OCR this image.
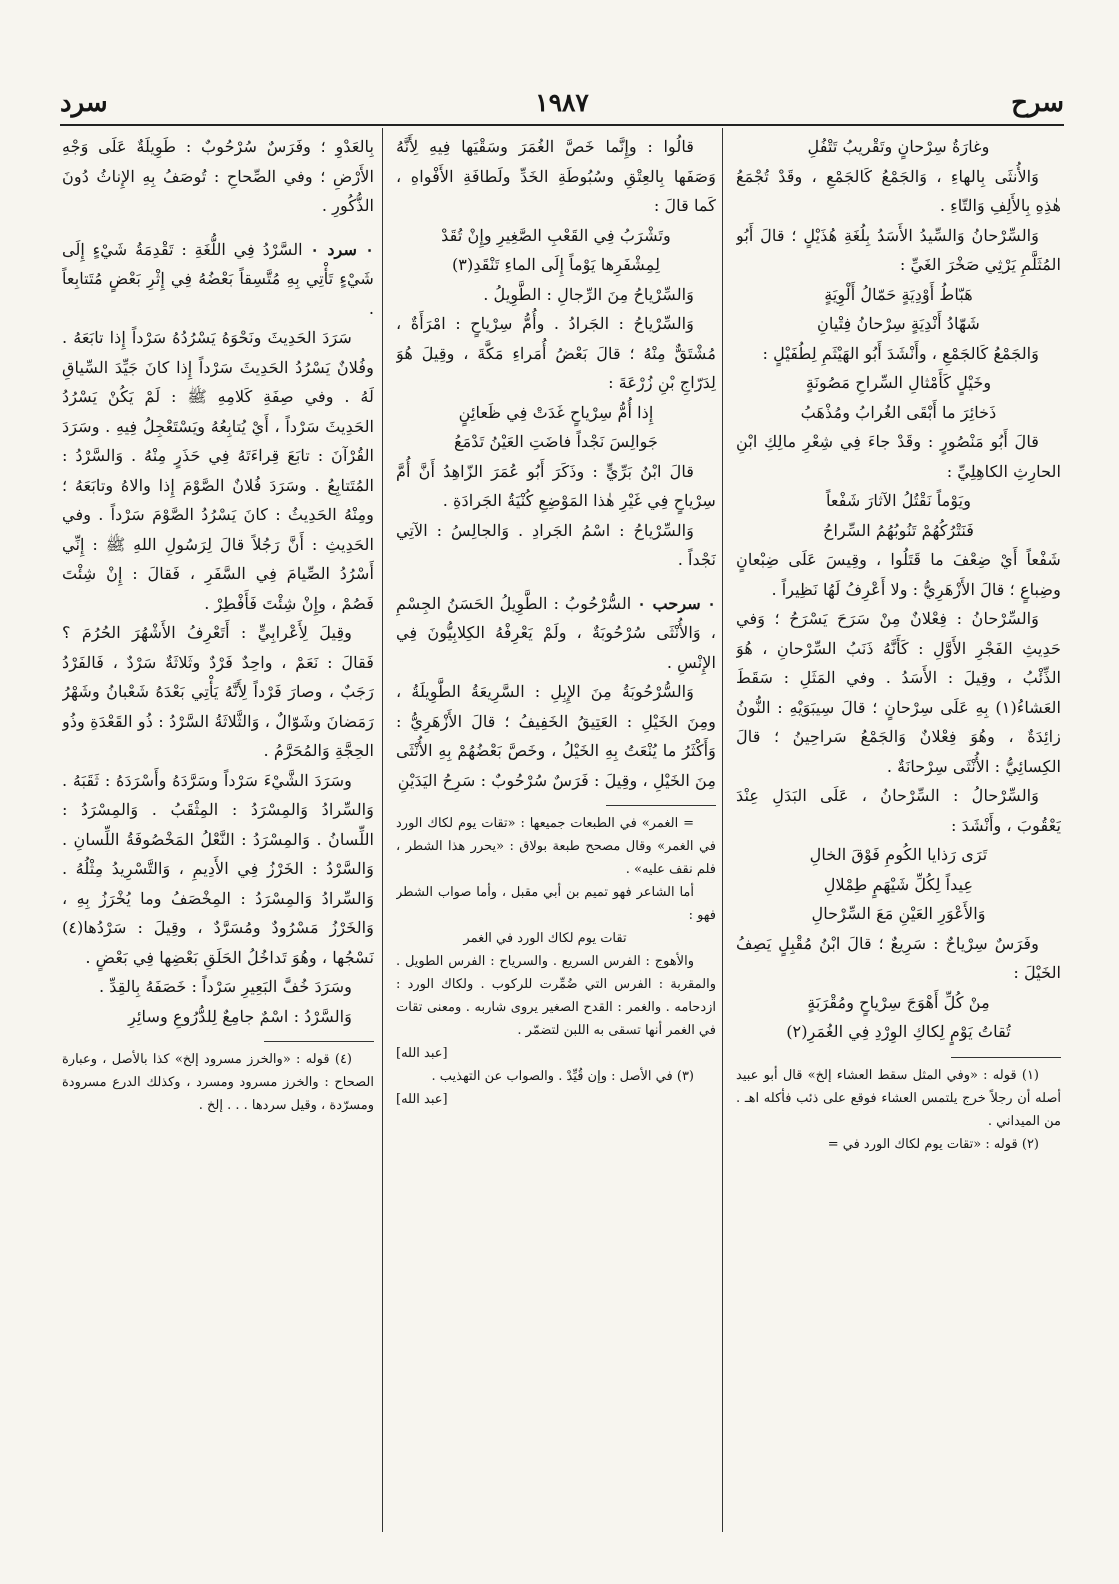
سرح
١٩٨٧
سرد

وغارَةُ سِرْحانٍ وتَقْريبُ تَتْفُلِ

وَالأُنثَى بِالهاءِ ، وَالجَمْعُ كَالجَمْعِ ، وقَدْ تُجْمَعُ هٰذِهِ بِالأَلِفِ وَالتّاءِ .

وَالسِّرْحانُ وَالسِّيدُ الأَسَدُ بِلُغَةِ هُذَيْلٍ ؛ قالَ أَبُو المُثَلَّمِ يَرْثِي صَخْرَ الغَيِّ :

هَبّاطُ أَوْدِيَةٍ حَمّالُ أَلْوِيَةٍ

شَهّادُ أَنْدِيَةٍ سِرْحانُ فِتْيانِ

وَالجَمْعُ كَالجَمْعِ ، وأَنْشَدَ أَبُو الهَيْثَمِ لِطُفَيْلٍ :

وخَيْلٍ كَأَمْثالِ السِّراحِ مَصُونَةٍ

ذَخائِرَ ما أَبْقَى الغُرابُ ومُذْهَبُ

قالَ أَبُو مَنْصُورٍ : وقَدْ جاءَ فِي شِعْرِ مالِكِ ابْنِ الحارِثِ الكاهِلِيِّ :

ويَوْماً نَقْتُلُ الآثارَ شَفْعاً

فَنَتْرُكُهُمْ تَنُوبُهُمُ السِّراحُ

شَفْعاً أَيْ ضِعْفَ ما قَتَلُوا ، وقِيسَ عَلَى ضِبْعانٍ وضِباعٍ ؛ قالَ الأَزْهَرِيُّ : ولا أَعْرِفُ لَهُا نَظِيراً .

وَالسِّرْحانُ : فِعْلانٌ مِنْ سَرَحَ يَسْرَحُ ؛ وَفي حَدِيثِ الفَجْرِ الأَوَّلِ : كَأَنَّهُ ذَنَبُ السِّرْحانِ ، هُوَ الذِّئْبُ ، وقِيلَ : الأَسَدُ . وفي المَثَلِ : سَقَطَ العَشاءُ(١) بِهِ عَلَى سِرْحانٍ ؛ قالَ سِيبَوَيْهِ : النُّونُ زائِدَةٌ ، وهُوَ فِعْلانٌ وَالجَمْعُ سَراحِينُ ؛ قالَ الكِسائِيُّ : الأُنْثَى سِرْحانَةٌ .

وَالسِّرْحالُ : السِّرْحانُ ، عَلَى البَدَلِ عِنْدَ يَعْقُوبَ ، وأَنْشَدَ :

تَرَى رَذايا الكُومِ فَوْقَ الخالِ

عِيداً لِكُلِّ شَيْهَمٍ طِمْلالِ

وَالأَعْوَرِ العَيْنِ مَعَ السِّرْحالِ

وفَرَسٌ سِرْياحٌ : سَرِيعٌ ؛ قالَ ابْنُ مُقْبِلٍ يَصِفُ الخَيْلَ :

مِنْ كُلِّ أَهْوَجَ سِرْياحٍ ومُقْرَبَةٍ

تُقاتُ يَوْمٍ لِكاكِ الوِرْدِ فِي الغُمَرِ(٢)

(١) قوله : «وفي المثل سقط العشاء إلخ» قال أبو عبيد أصله أن رجلاً خرج يلتمس العشاء فوقع على ذئب فأكله اهـ . من الميداني .

(٢) قوله : «تقات يوم لكاك الورد في =

قالُوا : وإِنَّما خَصَّ الغُمَرَ وسَقْيَها فِيهِ لِأَنَّهُ وَصَفَها بِالعِتْقِ وسُبُوطَةِ الخَدِّ ولَطافَةِ الأَفْواهِ ، كَما قالَ :

وتَشْرَبُ فِي القَعْبِ الصَّغِيرِ وإِنْ تُقَدْ

لِمِشْفَرِها يَوْماً إِلَى الماءِ تَنْقَدِ(٣)

وَالسِّرْياحُ مِنَ الرِّجالِ : الطَّوِيلُ .

وَالسِّرْياحُ : الجَرادُ . وأُمُّ سِرْياحٍ : امْرَأَةٌ ، مُشْتَقٌّ مِنْهُ ؛ قالَ بَعْضُ أُمَراءِ مَكَّةَ ، وقِيلَ هُوَ لِدَرّاجِ بْنِ زُرْعَةَ :

إِذا أُمُّ سِرْياحٍ غَدَتْ فِي ظَعائِنٍ

جَوالِسَ نَجْداً فاضَتِ العَيْنُ تَدْمَعُ

قالَ ابْنُ بَرِّيٍّ : وذَكَرَ أَبُو عُمَرَ الزّاهِدُ أَنَّ أُمَّ سِرْياحٍ فِي غَيْرِ هٰذا المَوْضِعِ كُنْيَةُ الجَرادَةِ .

وَالسِّرْياحُ : اسْمُ الجَرادِ . وَالجالِسُ : الآتِي نَجْداً .

٠ سرحب ٠ السُّرْحُوبُ : الطَّوِيلُ الحَسَنُ الجِسْمِ ، وَالأُنْثَى سُرْحُوبَةٌ ، ولَمْ يَعْرِفْهُ الكِلابِيُّونَ فِي الإِنْسِ .

وَالسُّرْحُوبَةُ مِنَ الإِبِلِ : السَّرِيعَةُ الطَّوِيلَةُ ، ومِنَ الخَيْلِ : العَتِيقُ الخَفِيفُ ؛ قالَ الأَزْهَرِيُّ : وَأَكْثَرُ ما يُنْعَتُ بِهِ الخَيْلُ ، وخَصَّ بَعْضُهُمْ بِهِ الأُنْثَى مِنَ الخَيْلِ ، وقِيلَ : فَرَسٌ سُرْحُوبٌ : سَرِحُ اليَدَيْنِ

= الغمر» في الطبعات جميعها : «تقات يوم لكاك الورد في الغمر» وقال مصحح طبعة بولاق : «يحرر هذا الشطر ، فلم نقف عليه» .

أما الشاعر فهو تميم بن أبي مقبل ، وأما صواب الشطر فهو :

تقات يوم لكاك الورد في الغمر

والأهوج : الفرس السريع . والسرياح : الفرس الطويل . والمقربة : الفرس التي ضُمِّرت للركوب . ولكاك الورد : ازدحامه . والغمر : القدح الصغير يروى شاربه . ومعنى تقات في الغمر أنها تسقى به اللبن لتضمّر .

[عبد الله]

(٣) في الأصل : وإن قُيِّدْ . والصواب عن التهذيب .

[عبد الله]

بِالعَدْوِ ؛ وفَرَسٌ سُرْحُوبٌ : طَوِيلَةٌ عَلَى وَجْهِ الأَرْضِ ؛ وفي الصِّحاحِ : تُوصَفُ بِهِ الإِناثُ دُونَ الذُّكُورِ .

٠ سرد ٠ السَّرْدُ فِي اللُّغَةِ : تَقْدِمَةُ شَيْءٍ إِلَى شَيْءٍ تَأْتِي بِهِ مُتَّسِقاً بَعْضُهُ فِي إِثْرِ بَعْضٍ مُتَتابِعاً .

سَرَدَ الحَدِيثَ ونَحْوَهُ يَسْرُدُهُ سَرْداً إِذا تابَعَهُ . وفُلانٌ يَسْرُدُ الحَدِيثَ سَرْداً إِذا كانَ جَيِّدَ السِّياقِ لَهُ . وفي صِفَةِ كَلامِهِ ﷺ : لَمْ يَكُنْ يَسْرُدُ الحَدِيثَ سَرْداً ، أَيْ يُتابِعُهُ ويَسْتَعْجِلُ فِيهِ . وسَرَدَ القُرْآنَ : تابَعَ قِراءَتَهُ فِي حَذَرٍ مِنْهُ . وَالسَّرْدُ : المُتَتابِعُ . وسَرَدَ فُلانٌ الصَّوْمَ إِذا والاهُ وتابَعَهُ ؛ ومِنْهُ الحَدِيثُ : كانَ يَسْرُدُ الصَّوْمَ سَرْداً . وفي الحَدِيثِ : أَنَّ رَجُلاً قالَ لِرَسُولِ اللهِ ﷺ : إِنِّي أَسْرُدُ الصِّيامَ فِي السَّفَرِ ، فَقالَ : إِنْ شِئْتَ فَصُمْ ، وإِنْ شِئْتَ فَأَفْطِرْ .

وقِيلَ لِأَعْرابِيٍّ : أَتَعْرِفُ الأَشْهُرَ الحُرُمَ ؟ فَقالَ : نَعَمْ ، واحِدٌ فَرْدٌ وثَلاثَةٌ سَرْدٌ ، فَالفَرْدُ رَجَبٌ ، وصارَ فَرْداً لِأَنَّهُ يَأْتِي بَعْدَهُ شَعْبانُ وشَهْرُ رَمَضانَ وشَوّالٌ ، وَالثَّلاثَةُ السَّرْدُ : ذُو القَعْدَةِ وذُو الحِجَّةِ وَالمُحَرَّمُ .

وسَرَدَ الشَّيْءَ سَرْداً وسَرَّدَهُ وأَسْرَدَهُ : ثَقَبَهُ . وَالسِّرادُ وَالمِسْرَدُ : المِثْقَبُ . وَالمِسْرَدُ : اللِّسانُ . وَالمِسْرَدُ : النَّعْلُ المَخْصُوفَةُ اللِّسانِ . وَالسَّرْدُ : الخَرْزُ فِي الأَدِيمِ ، وَالتَّسْرِيدُ مِثْلُهُ . وَالسِّرادُ وَالمِسْرَدُ : المِخْصَفُ وما يُخْرَزُ بِهِ ، وَالخَرْزُ مَسْرُودٌ ومُسَرَّدٌ ، وقِيلَ : سَرْدُها(٤) نَسْجُها ، وهُوَ تَداخُلُ الحَلَقِ بَعْضِها فِي بَعْضٍ .

وسَرَدَ خُفَّ البَعِيرِ سَرْداً : خَصَفَهُ بِالقِدِّ .

وَالسَّرْدُ : اسْمٌ جامِعٌ لِلدُّرُوعِ وسائِرِ

(٤) قوله : «والخرز مسرود إلخ» كذا بالأصل ، وعبارة الصحاح : والخرز مسرود ومسرد ، وكذلك الدرع مسرودة ومسرّدة ، وقيل سردها . . . إلخ .
